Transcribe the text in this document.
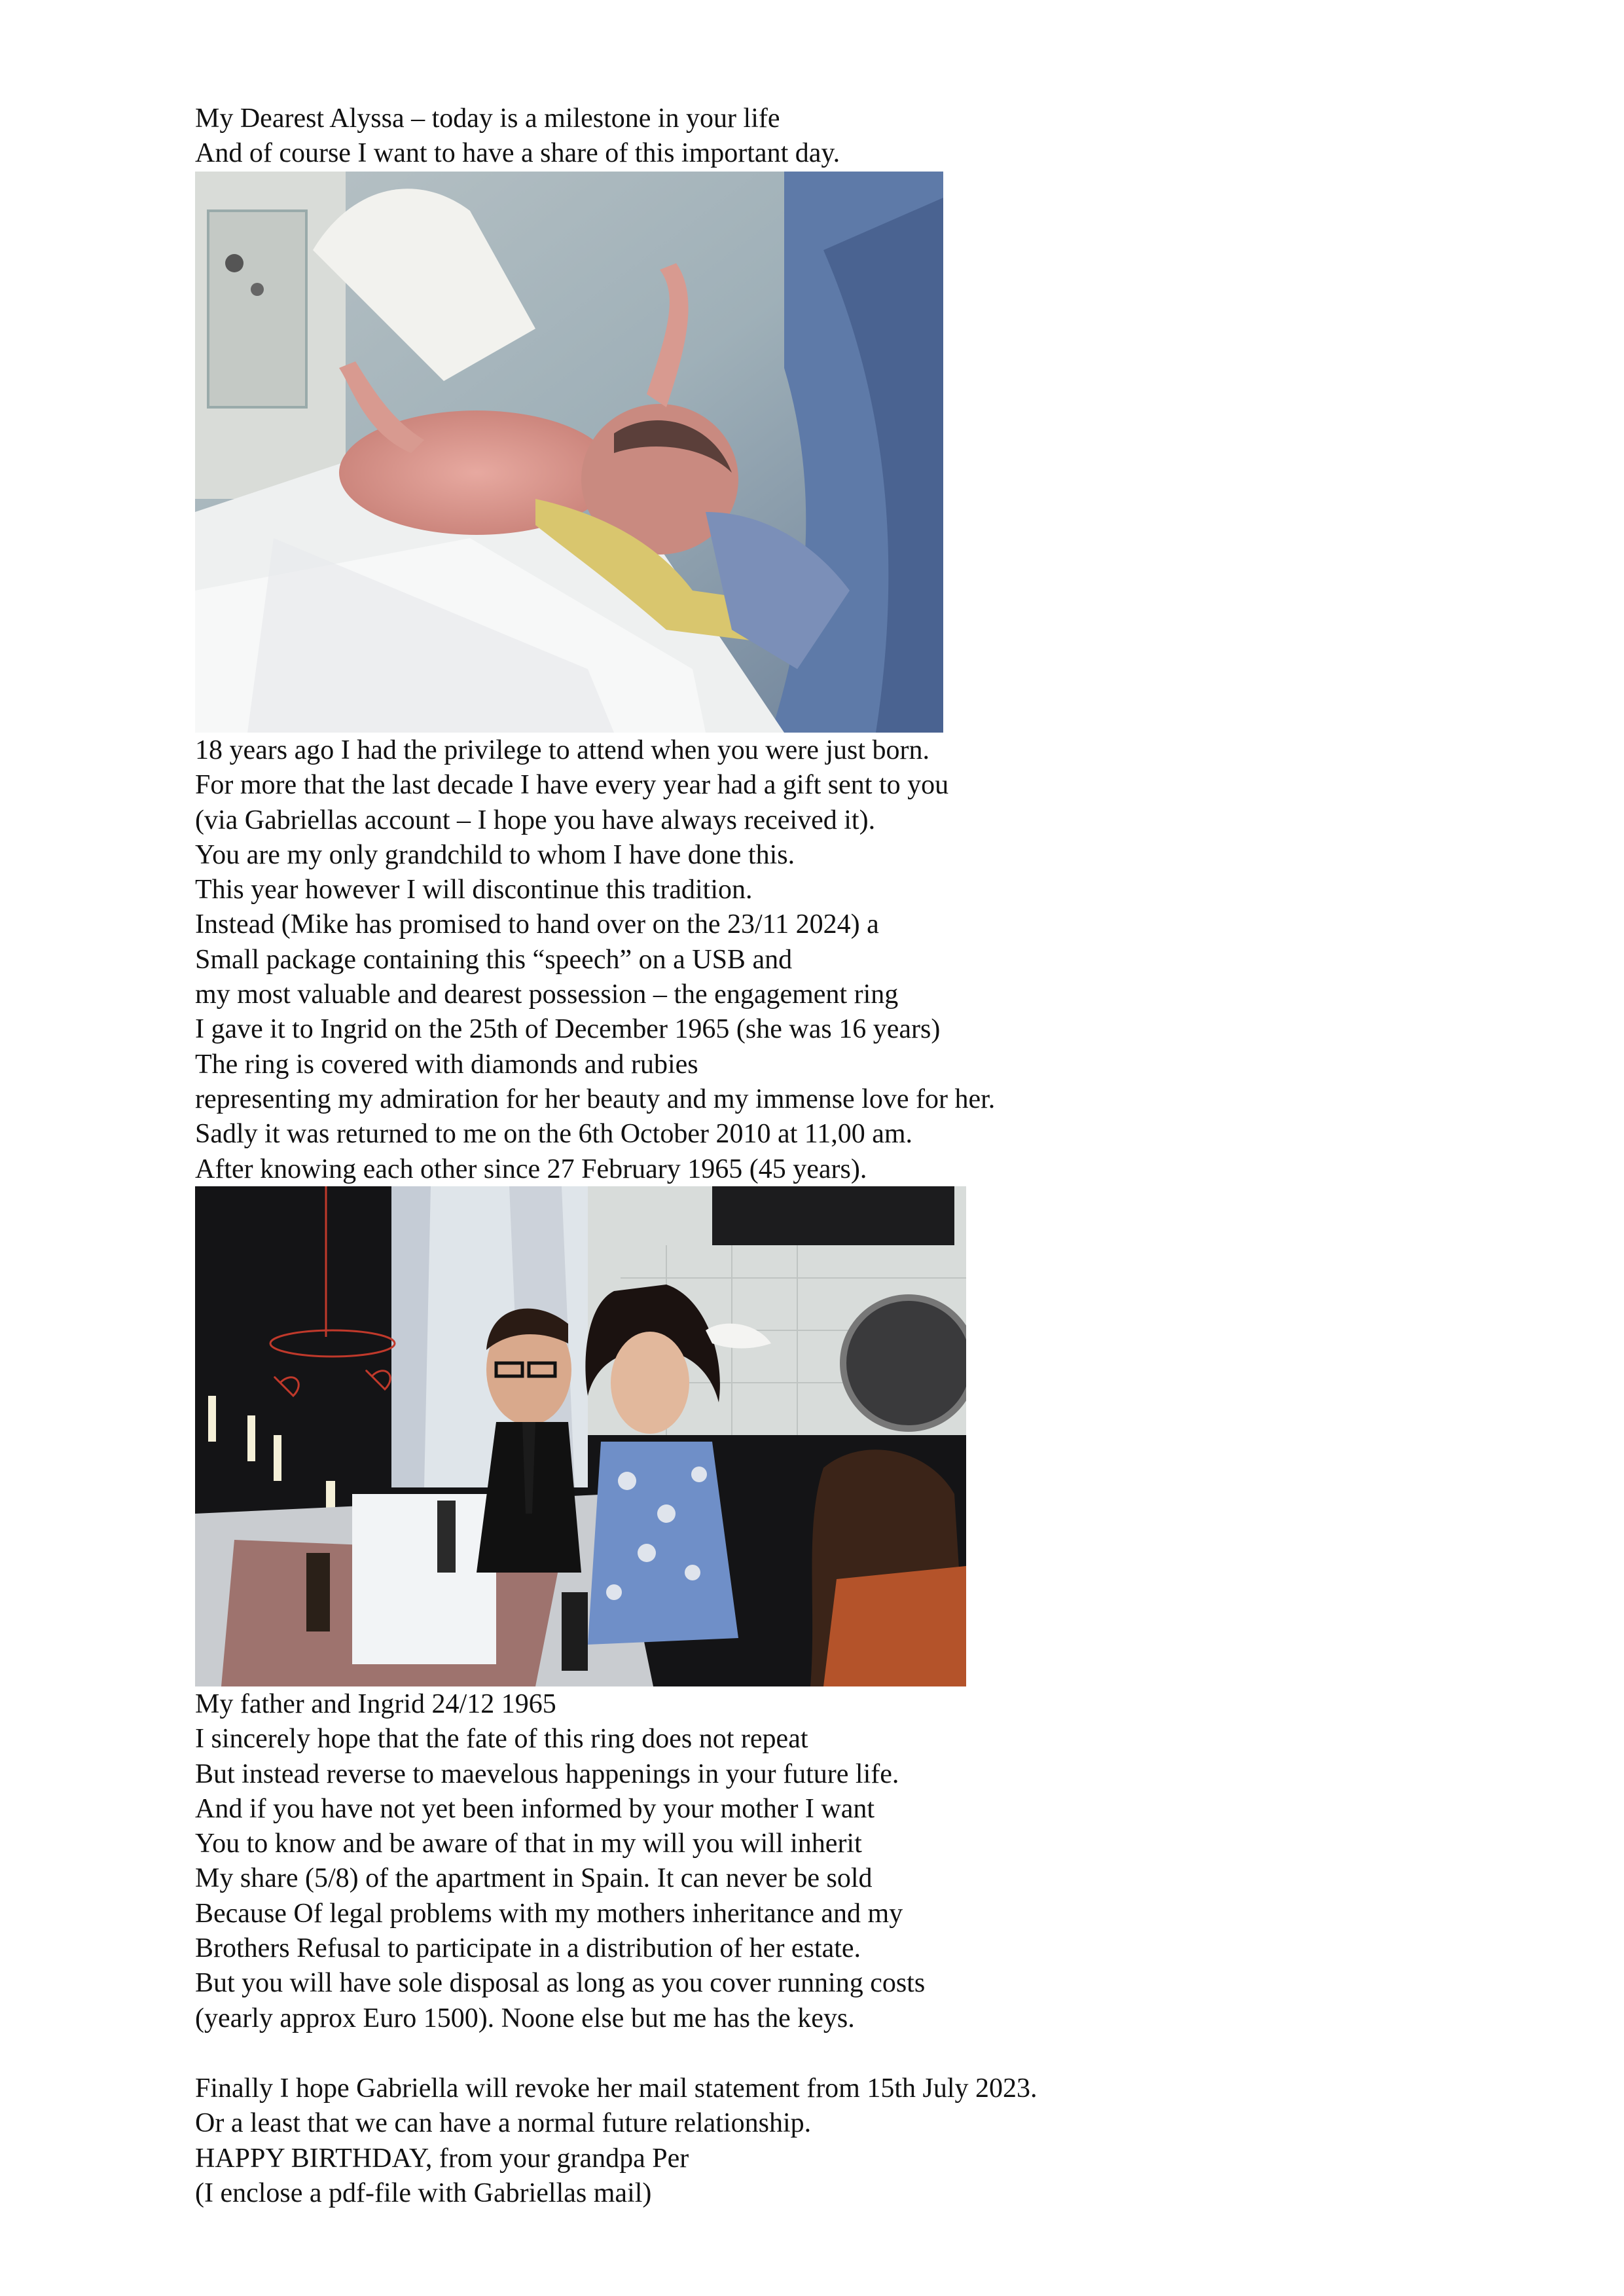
My Dearest Alyssa – today is a milestone in your life
And of course I want to have a share of this important day.
18 years ago I had the privilege to attend when you were just born.
For more that the last decade I have every year had a gift sent to you
(via Gabriellas account – I hope you have always received it).
You are my only grandchild to whom I have done this.
This year however I will discontinue this tradition.
Instead (Mike has promised to hand over on the 23/11 2024) a
Small package containing this “speech” on a USB and
my most valuable and dearest possession – the engagement ring
I gave it to Ingrid on the 25th of December 1965 (she was 16 years)
The ring is covered with diamonds and rubies
representing my admiration for her beauty and my immense love for her.
Sadly it was returned to me on the 6th October 2010 at 11,00 am.
After knowing each other since 27 February 1965 (45 years).
My father and Ingrid 24/12 1965
I sincerely hope that the fate of this ring does not repeat
But instead reverse to maevelous happenings in your future life.
And if you have not yet been informed by your mother I want
You to know and be aware of that in my will you will inherit
My share (5/8) of the apartment in Spain. It can never be sold
Because Of legal problems with my mothers inheritance and my
Brothers Refusal to participate in a distribution of her estate.
But you will have sole disposal as long as you cover running costs
(yearly approx Euro 1500). Noone else but me has the keys.
Finally I hope Gabriella will revoke her mail statement from 15th July 2023.
Or a least that we can have a normal future relationship.
HAPPY BIRTHDAY, from your grandpa Per
(I enclose a pdf-file with Gabriellas mail)
